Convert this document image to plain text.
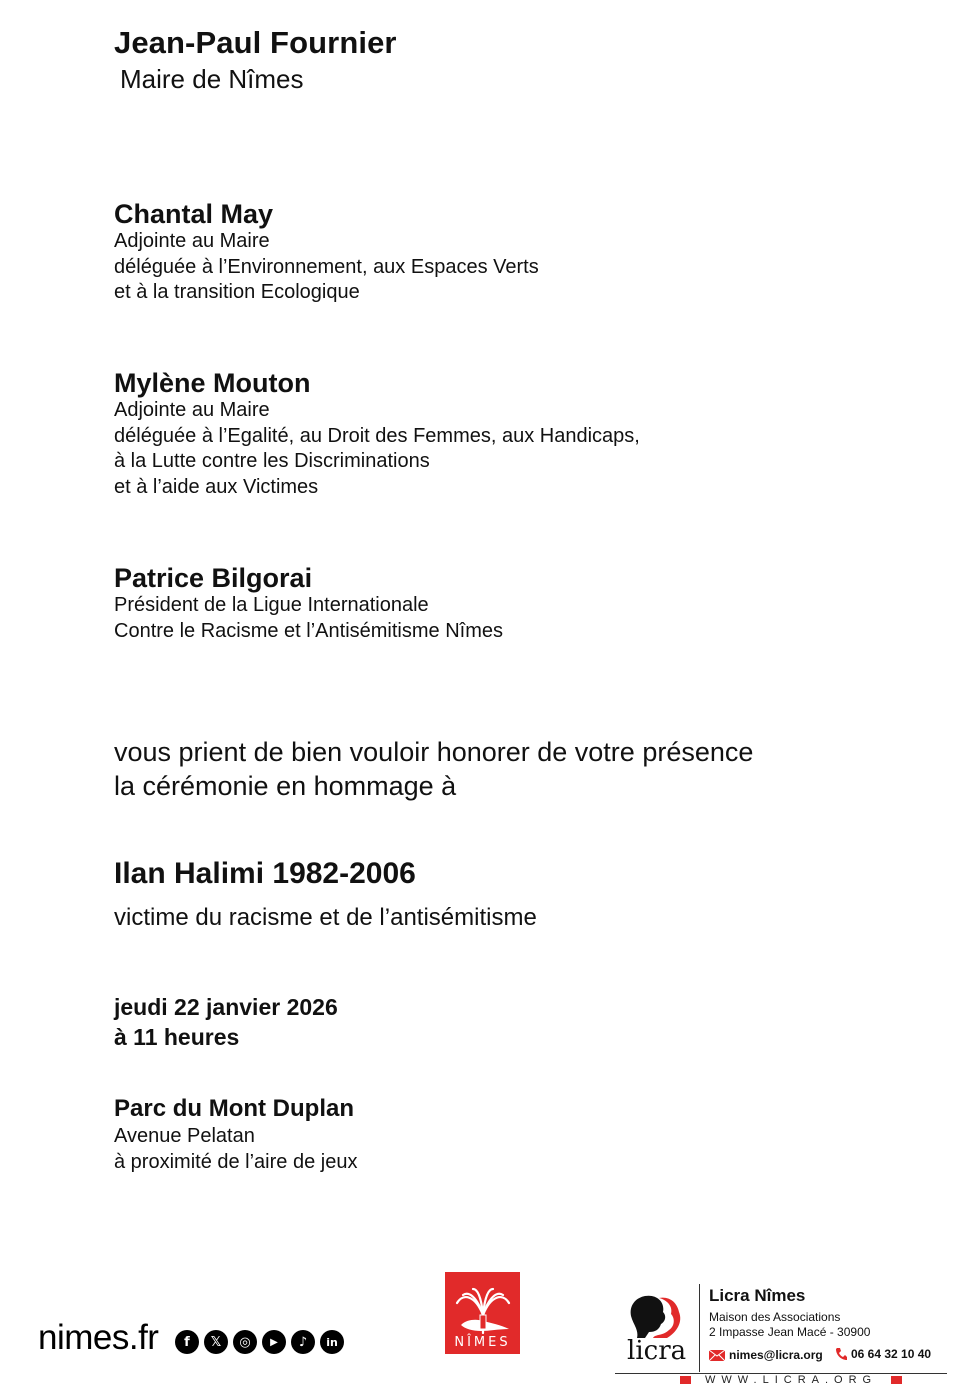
Jean-Paul Fournier
Maire de Nîmes
Chantal May
Adjointe au Maire
déléguée à l’Environnement, aux Espaces Verts
et à la transition Ecologique
Mylène Mouton
Adjointe au Maire
déléguée à l’Egalité, au Droit des Femmes, aux Handicaps,
à la Lutte contre les Discriminations
et à l’aide aux Victimes
Patrice Bilgorai
Président de la Ligue Internationale
Contre le Racisme et l’Antisémitisme Nîmes
vous prient de bien vouloir honorer de votre présence
la cérémonie en hommage à
Ilan Halimi 1982-2006
victime du racisme et de l’antisémitisme
jeudi 22 janvier 2026
à 11 heures
Parc du Mont Duplan
Avenue Pelatan
à proximité de l’aire de jeux
nimes.fr	f	𝕏	◎	▶	♪	in	NÎMES	licra
Licra Nîmes
Maison des Associations
2 Impasse Jean Macé - 30900
nimes@licra.org 06 64 32 10 40
WWW.LICRA.ORG
